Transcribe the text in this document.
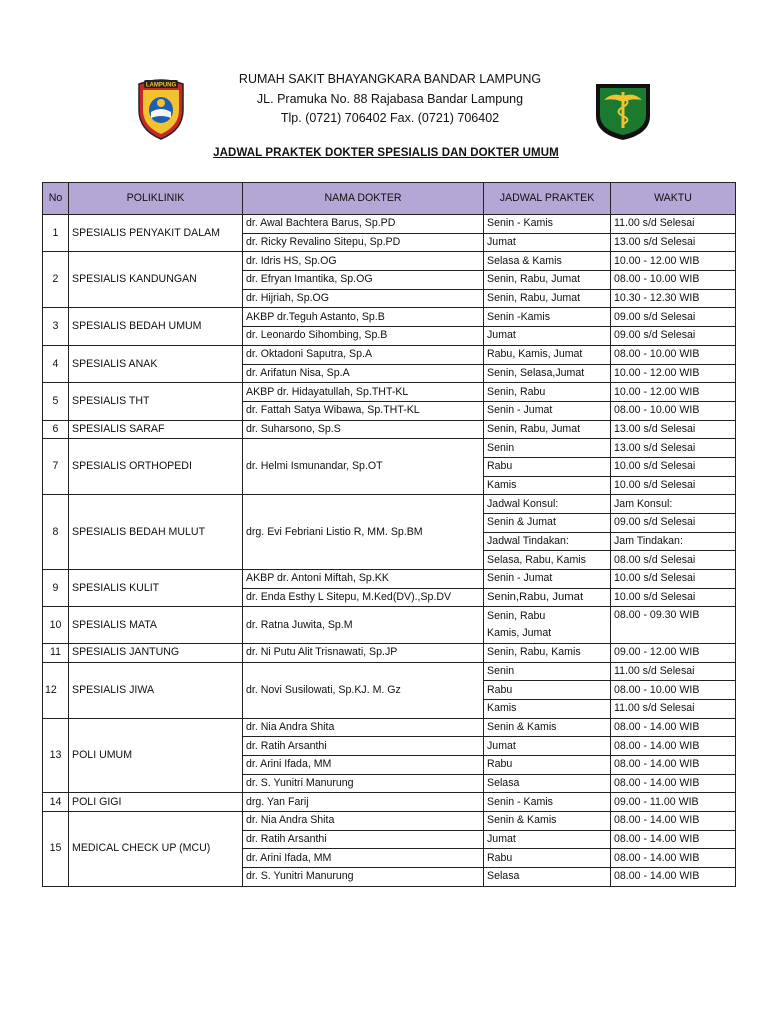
LAMPUNG	RUMAH SAKIT BHAYANGKARA BANDAR LAMPUNG
JL. Pramuka No. 88 Rajabasa Bandar Lampung
Tlp. (0721) 706402 Fax. (0721) 706402
JADWAL PRAKTEK DOKTER SPESIALIS DAN DOKTER UMUM
No	POLIKLINIK	NAMA DOKTER	JADWAL PRAKTEK	WAKTU
1	SPESIALIS PENYAKIT DALAM	dr. Awal Bachtera Barus, Sp.PD	Senin - Kamis	11.00 s/d Selesai
		dr. Ricky Revalino Sitepu, Sp.PD	Jumat	13.00 s/d Selesai
2	SPESIALIS KANDUNGAN	dr. Idris HS, Sp.OG	Selasa & Kamis	10.00 - 12.00 WIB
		dr. Efryan Imantika, Sp.OG	Senin, Rabu, Jumat	08.00 - 10.00 WIB
		dr. Hijriah, Sp.OG	Senin, Rabu, Jumat	10.30 - 12.30 WIB
3	SPESIALIS BEDAH UMUM	AKBP dr.Teguh Astanto, Sp.B	Senin -Kamis	09.00 s/d Selesai
		dr. Leonardo Sihombing, Sp.B	Jumat	09.00 s/d Selesai
4	SPESIALIS ANAK	dr. Oktadoni Saputra, Sp.A	Rabu, Kamis, Jumat	08.00 - 10.00 WIB
		dr. Arifatun Nisa, Sp.A	Senin, Selasa,Jumat	10.00 - 12.00 WIB
5	SPESIALIS THT	AKBP dr. Hidayatullah, Sp.THT-KL	Senin, Rabu	10.00 - 12.00 WIB
		dr. Fattah Satya Wibawa, Sp.THT-KL	Senin - Jumat	08.00 - 10.00 WIB
6	SPESIALIS SARAF	dr. Suharsono, Sp.S	Senin, Rabu, Jumat	13.00 s/d Selesai
7	SPESIALIS ORTHOPEDI	dr. Helmi Ismunandar, Sp.OT	Senin	13.00 s/d Selesai
			Rabu	10.00 s/d Selesai
			Kamis	10.00 s/d Selesai
8	SPESIALIS BEDAH MULUT	drg. Evi Febriani Listio R, MM. Sp.BM	Jadwal Konsul:	Jam Konsul:
			Senin & Jumat	09.00 s/d Selesai
			Jadwal Tindakan:	Jam Tindakan:
			Selasa, Rabu, Kamis	08.00 s/d Selesai
9	SPESIALIS KULIT	AKBP dr. Antoni Miftah, Sp.KK	Senin - Jumat	10.00 s/d Selesai
		dr. Enda Esthy L Sitepu, M.Ked(DV).,Sp.DV	Senin,Rabu, Jumat	10.00 s/d Selesai
10	SPESIALIS MATA	dr. Ratna Juwita, Sp.M	Senin, Rabu	08.00 - 09.30 WIB
			Kamis, Jumat	
11	SPESIALIS JANTUNG	dr. Ni Putu Alit Trisnawati, Sp.JP	Senin, Rabu, Kamis	09.00 - 12.00 WIB
12	SPESIALIS JIWA	dr. Novi Susilowati, Sp.KJ. M. Gz	Senin	11.00 s/d Selesai
			Rabu	08.00 - 10.00 WIB
			Kamis	11.00 s/d Selesai
13	POLI UMUM	dr. Nia Andra Shita	Senin & Kamis	08.00 - 14.00 WIB
		dr. Ratih Arsanthi	Jumat	08.00 - 14.00 WIB
		dr. Arini Ifada, MM	Rabu	08.00 - 14.00 WIB
		dr. S. Yunitri Manurung	Selasa	08.00 - 14.00 WIB
14	POLI GIGI	drg. Yan Farij	Senin - Kamis	09.00 - 11.00 WIB
15	MEDICAL CHECK UP (MCU)	dr. Nia Andra Shita	Senin & Kamis	08.00 - 14.00 WIB
		dr. Ratih Arsanthi	Jumat	08.00 - 14.00 WIB
		dr. Arini Ifada, MM	Rabu	08.00 - 14.00 WIB
		dr. S. Yunitri Manurung	Selasa	08.00 - 14.00 WIB
